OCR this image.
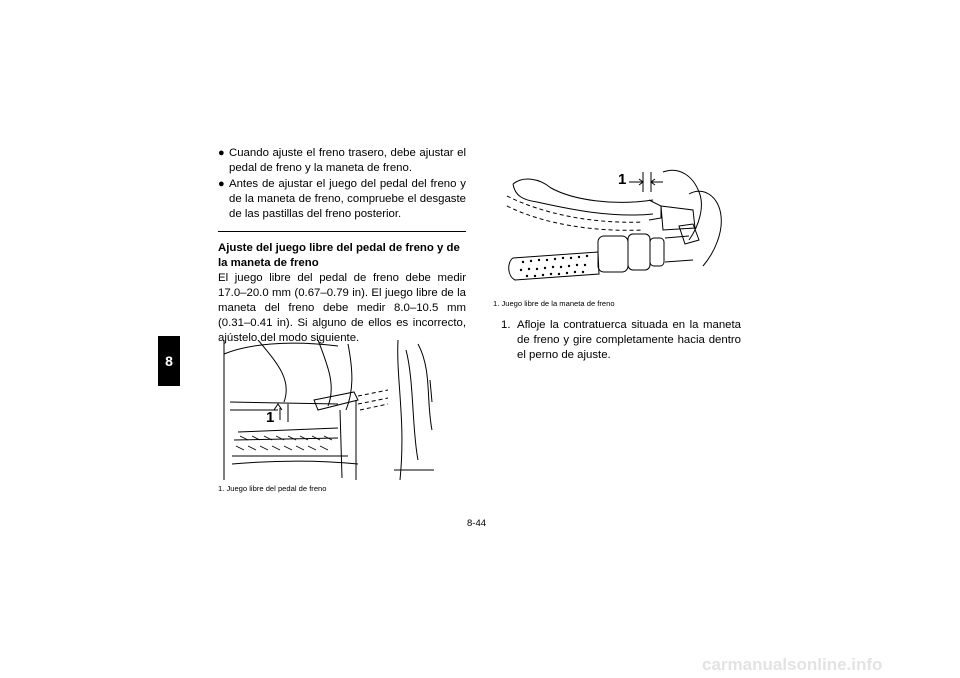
8
● Cuando ajuste el freno trasero, debe ajustar el pedal de freno y la maneta de freno.
● Antes de ajustar el juego del pedal del freno y de la maneta de freno, compruebe el desgaste de las pastillas del freno posterior.
Ajuste del juego libre del pedal de freno y de la maneta de freno
El juego libre del pedal de freno debe medir 17.0–20.0 mm (0.67–0.79 in). El juego libre de la maneta del freno debe medir 8.0–10.5 mm (0.31–0.41 in). Si alguno de ellos es incorrecto, ajústelo del modo siguiente.
1
1. Juego libre del pedal de freno
1
1. Juego libre de la maneta de freno
1. Afloje la contratuerca situada en la maneta de freno y gire completamente hacia dentro el perno de ajuste.
8-44
carmanualsonline.info
